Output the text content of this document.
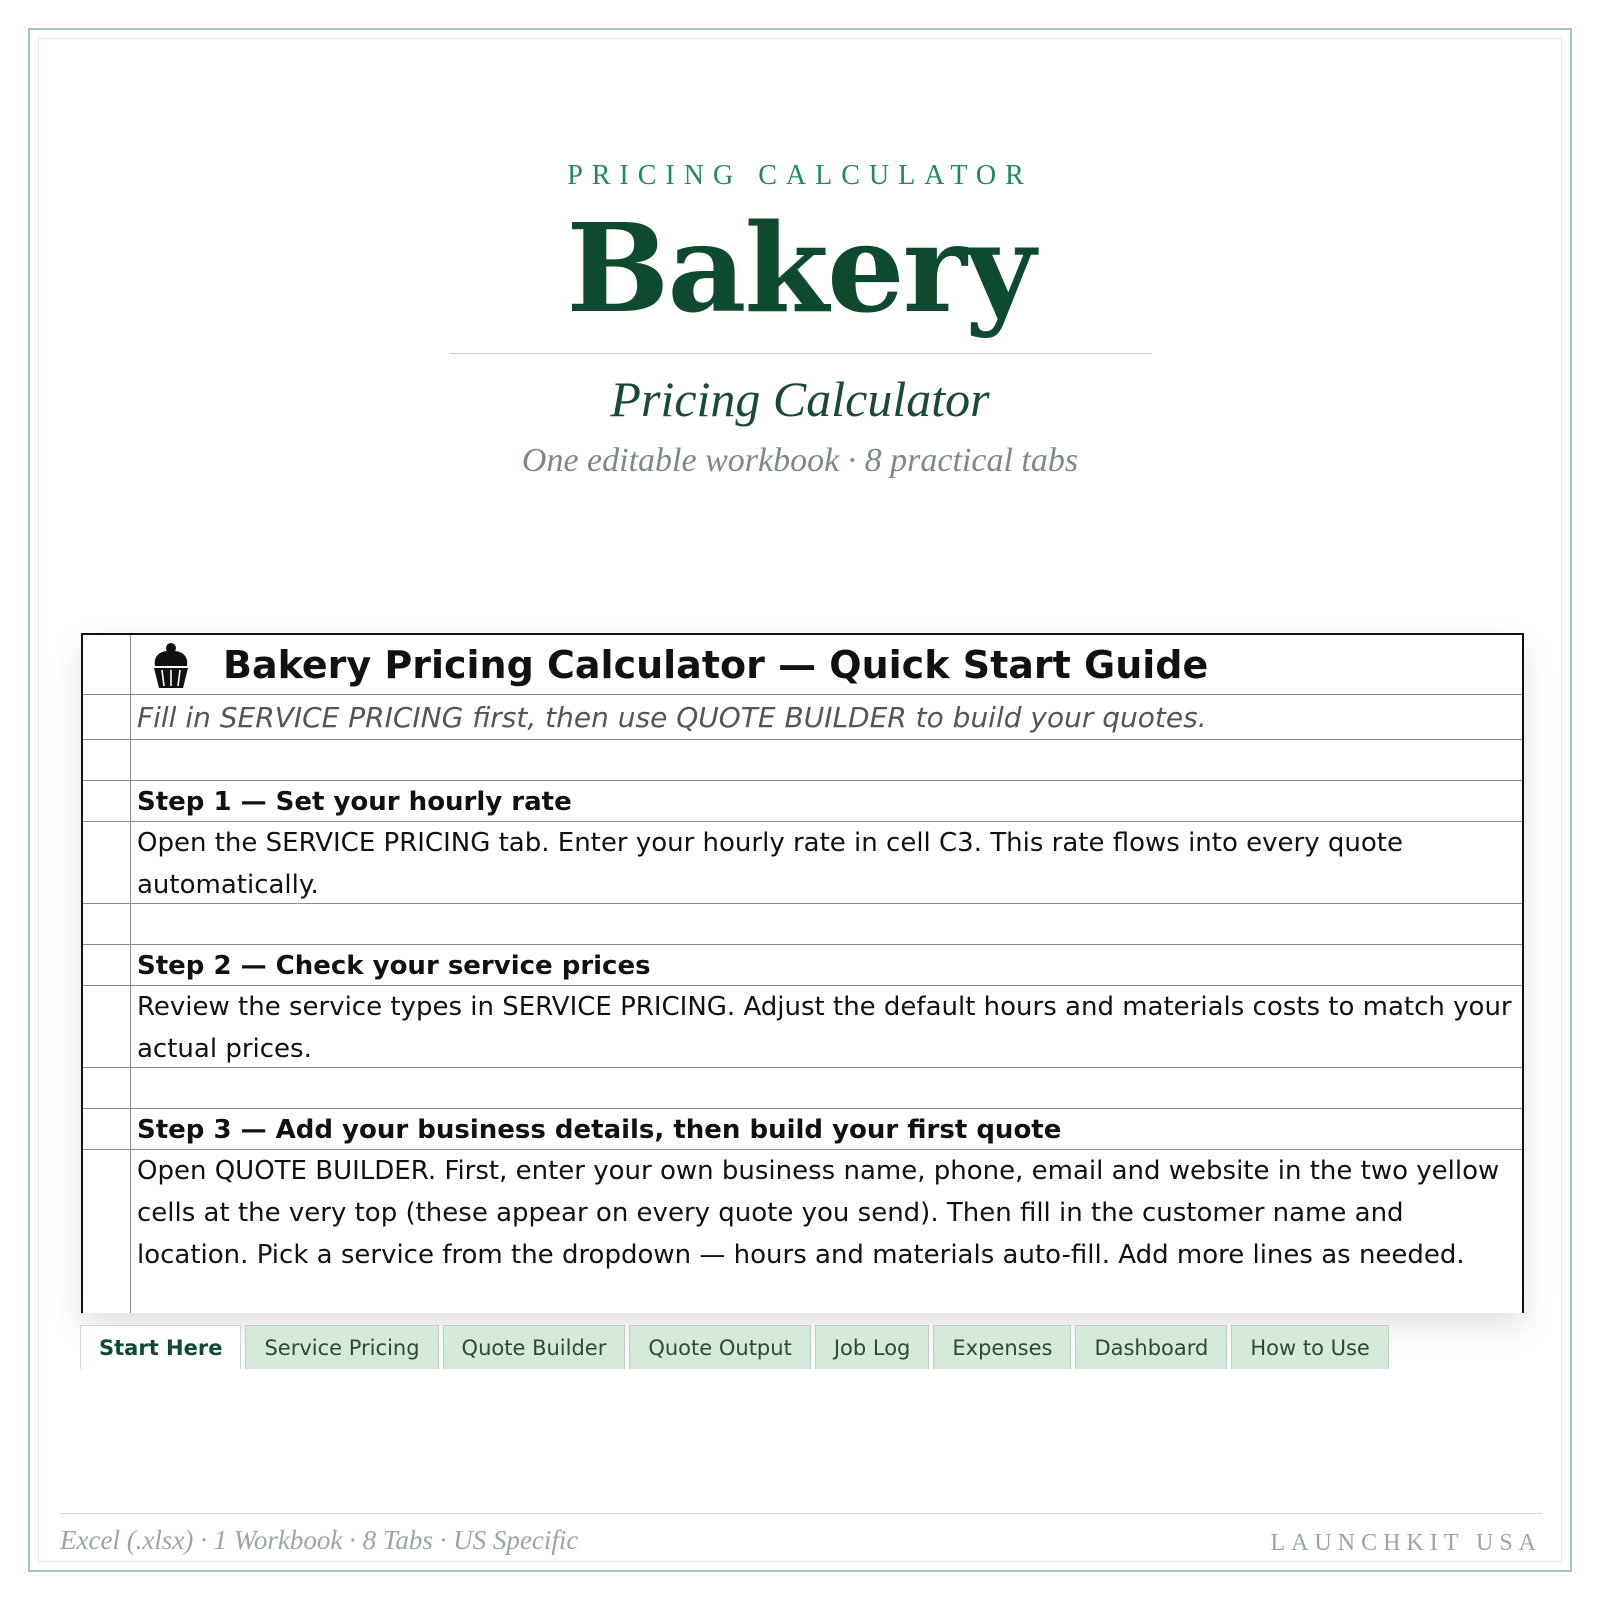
PRICING CALCULATOR
Bakery
Pricing Calculator
One editable workbook · 8 practical tabs
Bakery Pricing Calculator — Quick Start Guide
Fill in SERVICE PRICING first, then use QUOTE BUILDER to build your quotes.
Step 1 — Set your hourly rate
Open the SERVICE PRICING tab. Enter your hourly rate in cell C3. This rate flows into every quote automatically.
Step 2 — Check your service prices
Review the service types in SERVICE PRICING. Adjust the default hours and materials costs to match your actual prices.
Step 3 — Add your business details, then build your first quote
Open QUOTE BUILDER. First, enter your own business name, phone, email and website in the two yellow cells at the very top (these appear on every quote you send). Then fill in the customer name and location. Pick a service from the dropdown — hours and materials auto-fill. Add more lines as needed.
Start Here	Service Pricing	Quote Builder	Quote Output	Job Log	Expenses	Dashboard	How to Use
Excel (.xlsx) · 1 Workbook · 8 Tabs · US Specific	LAUNCHKIT USA
